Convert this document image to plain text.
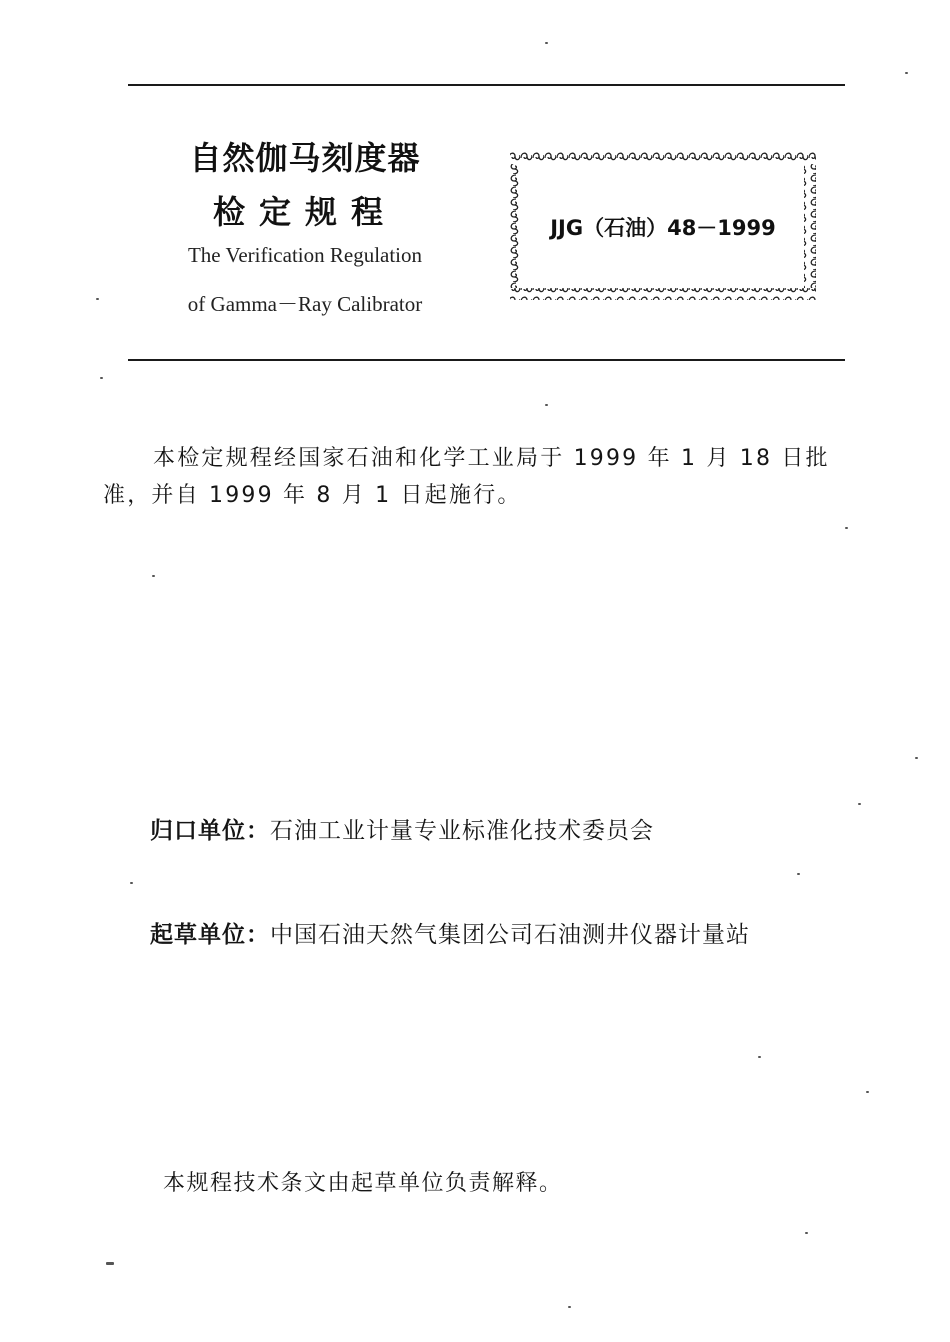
自然伽马刻度器
检定规程
The Verification Regulation
of Gamma－Ray Calibrator
JJG（石油）48－1999
本检定规程经国家石油和化学工业局于 1999 年 1 月 18 日批
准，并自 1999 年 8 月 1 日起施行。
归口单位：石油工业计量专业标准化技术委员会
起草单位：中国石油天然气集团公司石油测井仪器计量站
本规程技术条文由起草单位负责解释。
